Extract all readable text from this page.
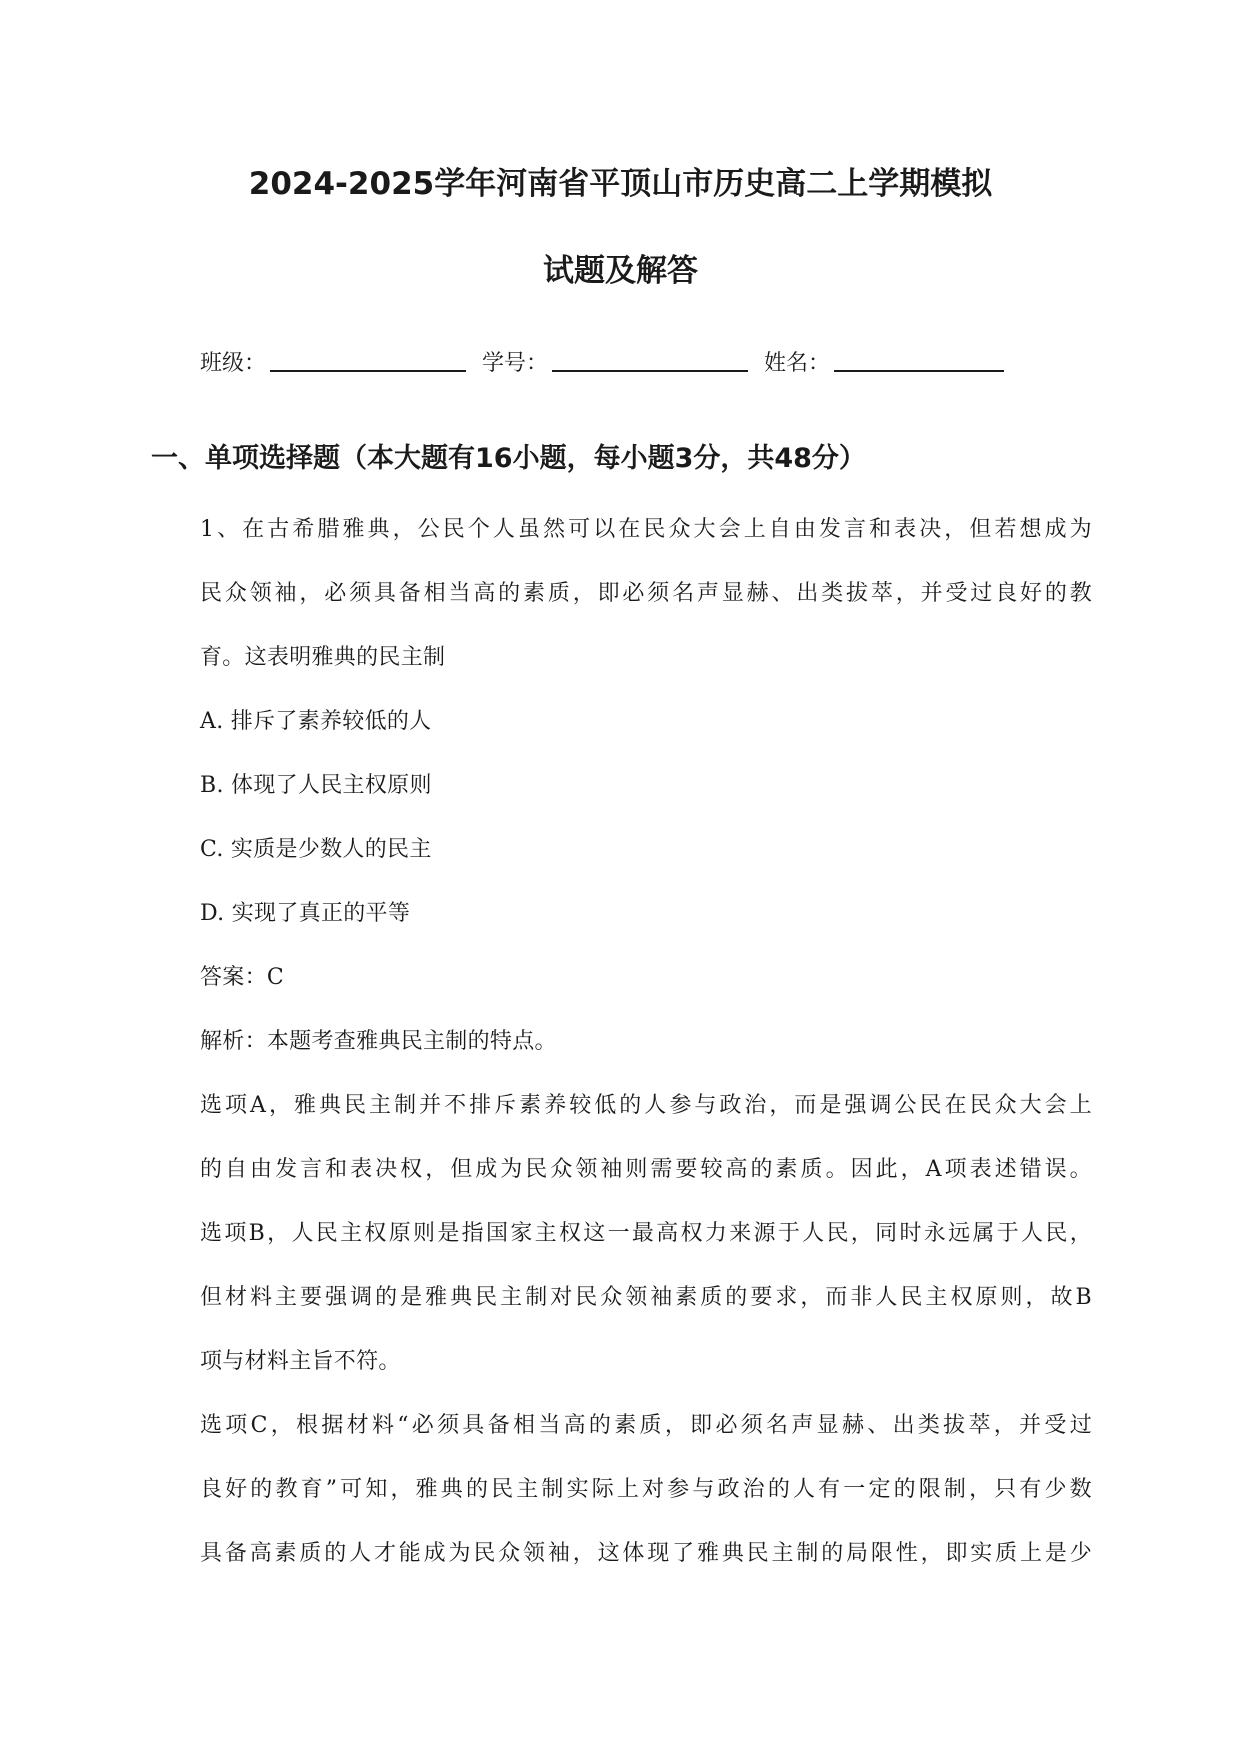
2024-2025学年河南省平顶山市历史高二上学期模拟
试题及解答
班级：	学号：	姓名：
一、单项选择题（本大题有16小题，每小题3分，共48分）
1、在古希腊雅典，公民个人虽然可以在民众大会上自由发言和表决，但若想成为
民众领袖，必须具备相当高的素质，即必须名声显赫、出类拔萃，并受过良好的教
育。这表明雅典的民主制
A. 排斥了素养较低的人
B. 体现了人民主权原则
C. 实质是少数人的民主
D. 实现了真正的平等
答案：C
解析：本题考查雅典民主制的特点。
选项A，雅典民主制并不排斥素养较低的人参与政治，而是强调公民在民众大会上
的自由发言和表决权，但成为民众领袖则需要较高的素质。因此，A项表述错误。
选项B，人民主权原则是指国家主权这一最高权力来源于人民，同时永远属于人民，
但材料主要强调的是雅典民主制对民众领袖素质的要求，而非人民主权原则，故B
项与材料主旨不符。
选项C，根据材料“必须具备相当高的素质，即必须名声显赫、出类拔萃，并受过
良好的教育”可知，雅典的民主制实际上对参与政治的人有一定的限制，只有少数
具备高素质的人才能成为民众领袖，这体现了雅典民主制的局限性，即实质上是少
